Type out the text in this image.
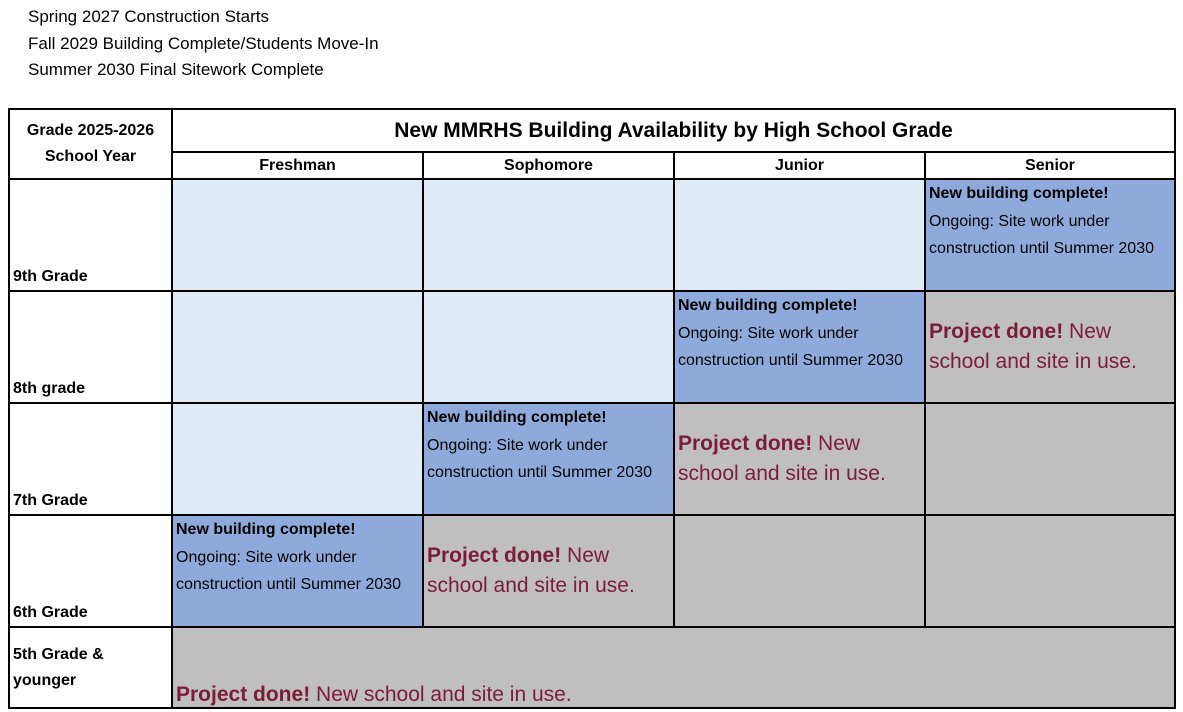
Spring 2027 Construction Starts
Fall 2029 Building Complete/Students Move-In
Summer 2030 Final Sitework Complete
Grade 2025-2026
School Year	New MMRHS Building Availability by High School Grade			
	Freshman	Sophomore	Junior	Senior
9th Grade				New building complete!
Ongoing: Site work under construction until Summer 2030

8th grade			New building complete!
Ongoing: Site work under construction until Summer 2030	Project done! New school and site in use.
7th Grade		New building complete!
Ongoing: Site work under construction until Summer 2030	Project done! New school and site in use.	
6th Grade	New building complete!
Ongoing: Site work under construction until Summer 2030	Project done! New school and site in use.		

5th Grade &
younger	Project done! New school and site in use.			
